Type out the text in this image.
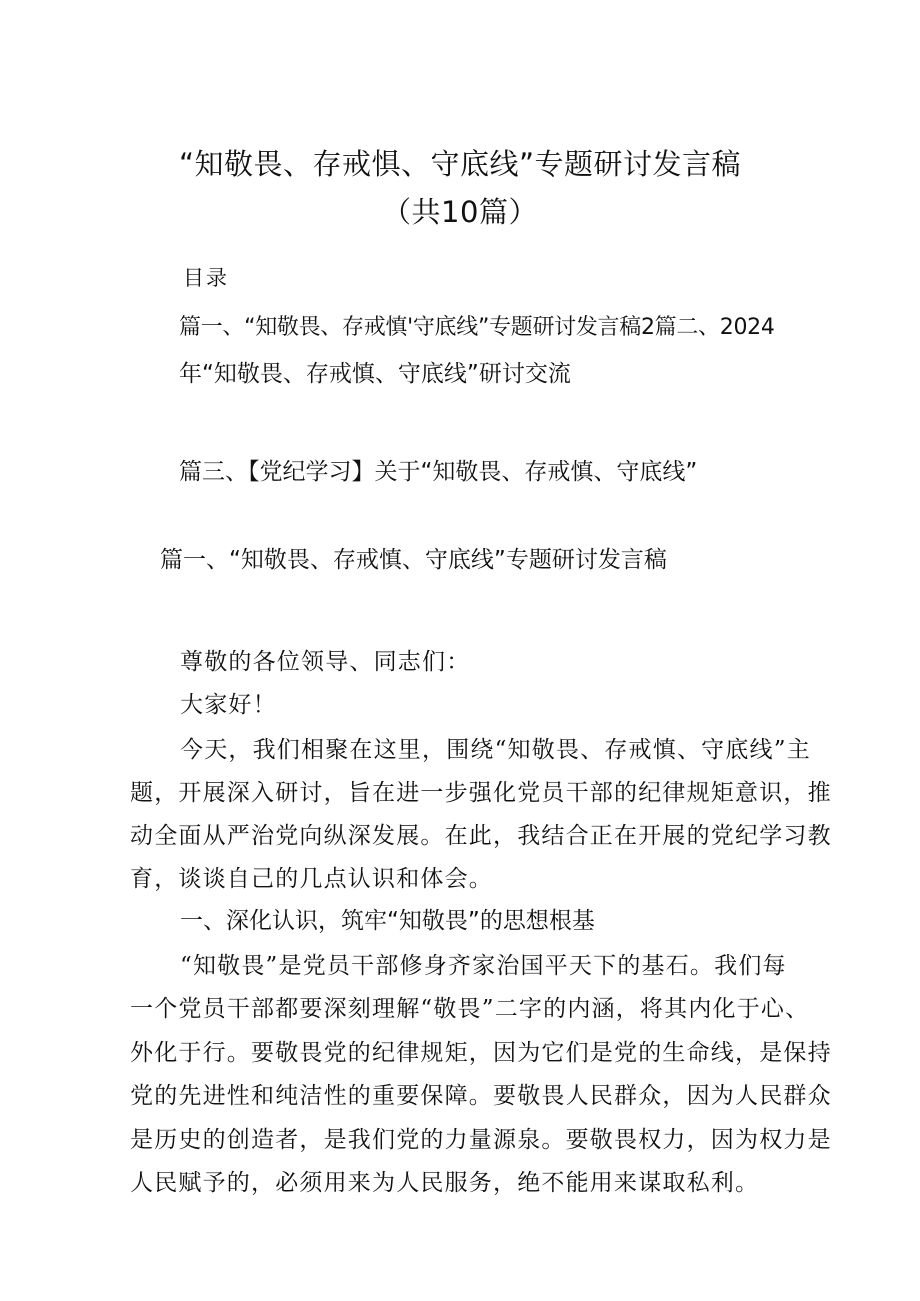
“知敬畏、存戒惧、守底线”专题研讨发言稿
（共10篇）
目录
篇一、“知敬畏、存戒慎'守底线”专题研讨发言稿2篇二、2024
年“知敬畏、存戒慎、守底线”研讨交流
篇三、【党纪学习】关于“知敬畏、存戒慎、守底线”
篇一、“知敬畏、存戒慎、守底线”专题研讨发言稿
尊敬的各位领导、同志们：
大家好！
今天，我们相聚在这里，围绕“知敬畏、存戒慎、守底线”主
题，开展深入研讨，旨在进一步强化党员干部的纪律规矩意识，推
动全面从严治党向纵深发展。在此，我结合正在开展的党纪学习教
育，谈谈自己的几点认识和体会。
一、深化认识，筑牢“知敬畏”的思想根基
“知敬畏”是党员干部修身齐家治国平天下的基石。我们每
一个党员干部都要深刻理解“敬畏”二字的内涵，将其内化于心、
外化于行。要敬畏党的纪律规矩，因为它们是党的生命线，是保持
党的先进性和纯洁性的重要保障。要敬畏人民群众，因为人民群众
是历史的创造者，是我们党的力量源泉。要敬畏权力，因为权力是
人民赋予的，必须用来为人民服务，绝不能用来谋取私利。
